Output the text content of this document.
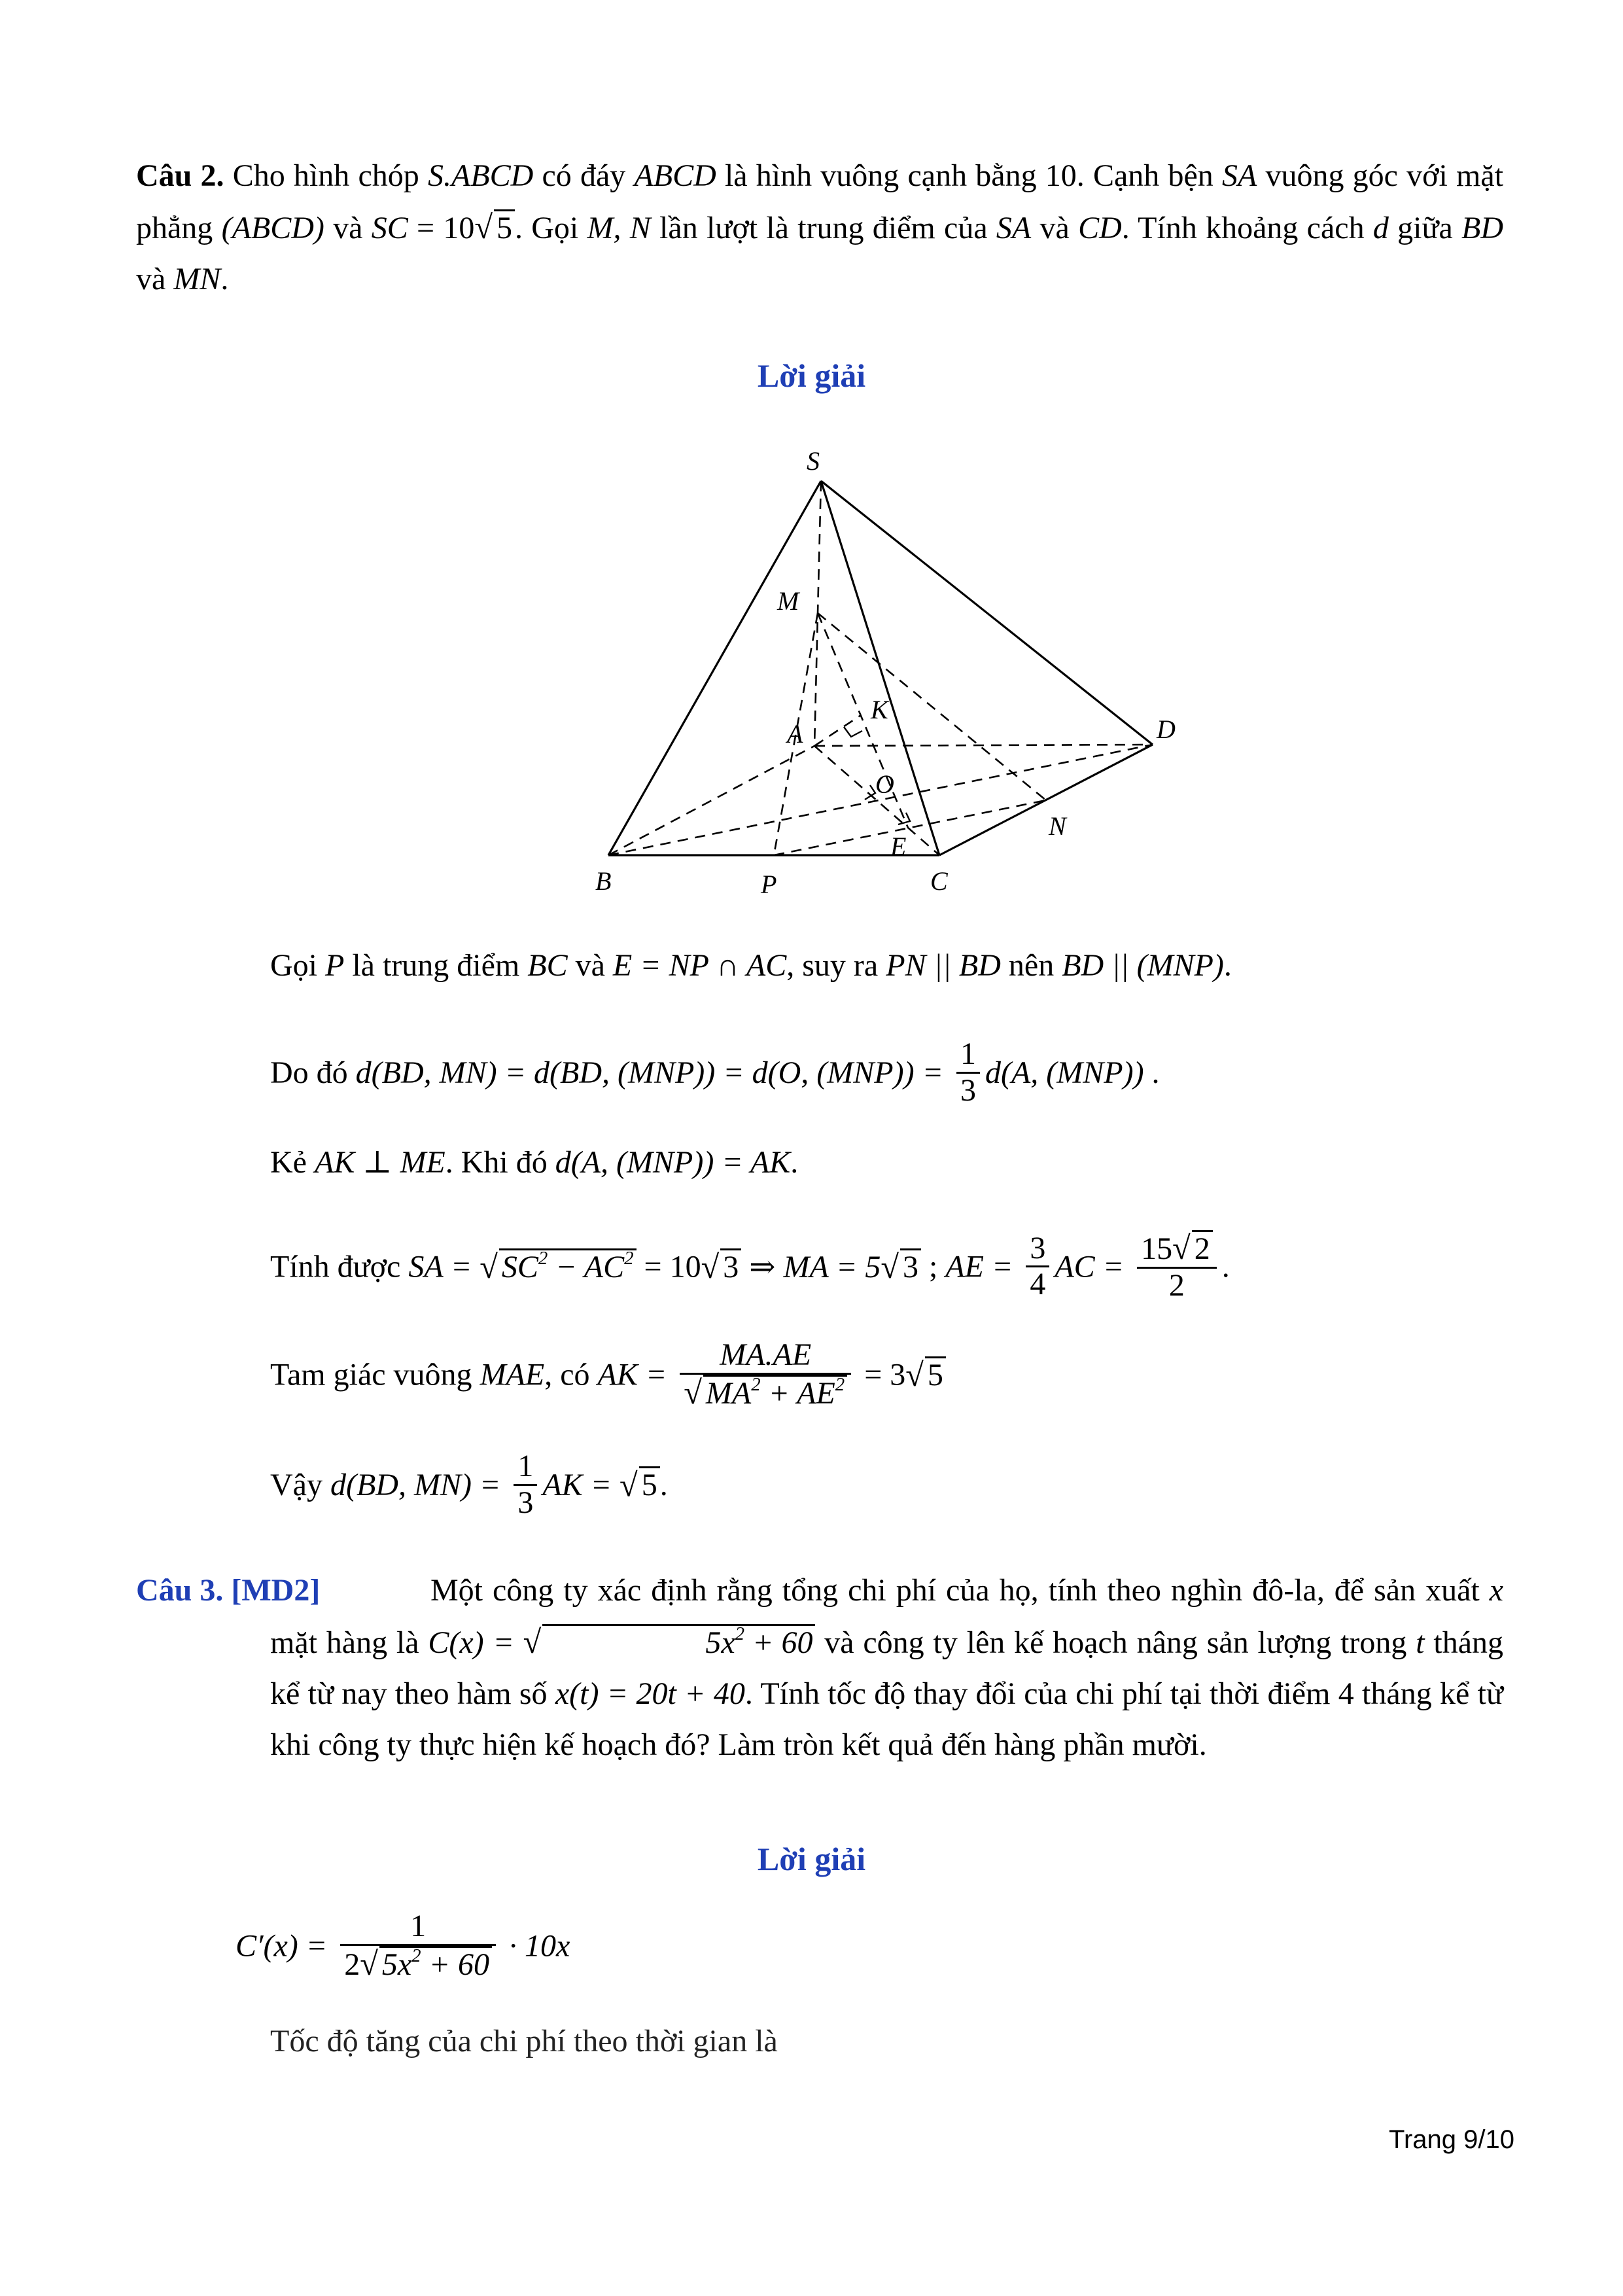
Câu 2. Cho hình chóp S.ABCD có đáy ABCD là hình vuông cạnh bằng 10. Cạnh bện SA vuông góc với mặt phẳng (ABCD) và SC = 10√ 5. Gọi M, N lần lượt là trung điểm của SA và CD. Tính khoảng cách d giữa BD và MN.
Lời giải
S
M
A
K
D
O
N
E
B	P	C
Gọi P là trung điểm BC và E = NP ∩ AC, suy ra PN || BD nên BD || (MNP).
Do đó d(BD, MN) = d(BD, (MNP)) = d(O, $(MNP)) = \frac{1}{3} d(A$, (MNP)) .
Kẻ AK ⊥ ME. Khi đó d(A, (MNP)) = AK.
Tính được SA = √ $SC^2 - AC^2 = 10√$ 3 ⇒ MA = 5√ 3 ; AE = $\frac{3}{4}$ AC = $\frac{15√ 2}{2}$ .
Tam giác vuông MAE, có AK = $\frac{MA.AE}{√ MA^2 + AE^2} = 3√$ 5
Vậy d(BD, $MN) = \frac{1}{3}$ AK = √ 5.
Câu 3. [MD2]	Một công ty xác định rằng tổng chi phí của họ, tính theo nghìn đô-la, để sản xuất x mặt hàng là C(x) = √	$5x^2 + 60$ và công ty lên kế hoạch nâng sản lượng trong t tháng kể từ nay theo hàm số x(t) = 20t + 40. Tính tốc độ thay đổi của chi phí tại thời điểm 4 tháng kể từ khi công ty thực hiện kế hoạch đó? Làm tròn kết quả đến hàng phần mười.
Lời giải
$C'(x) = \frac{1}{2√ 5x^2 + 60} \cdot 10x$
Tốc độ tăng của chi phí theo thời gian là
Trang 9/10
